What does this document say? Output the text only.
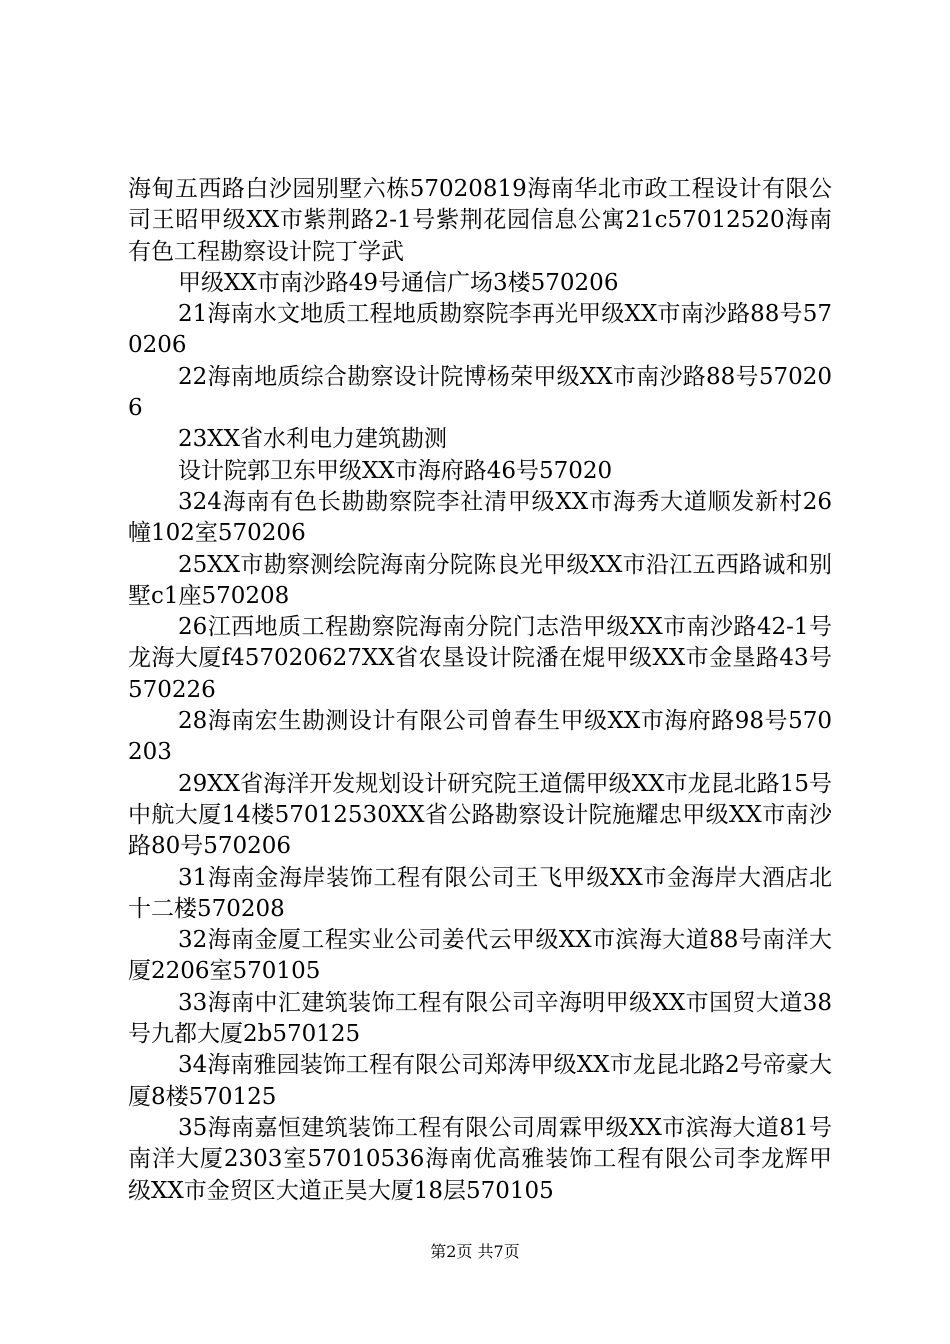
海甸五西路白沙园别墅六栋57020819海南华北市政工程设计有限公司王昭甲级XX市紫荆路2-1号紫荆花园信息公寓21c57012520海南有色工程勘察设计院丁学武

甲级XX市南沙路49号通信广场3楼570206

21海南水文地质工程地质勘察院李再光甲级XX市南沙路88号570206

22海南地质综合勘察设计院博杨荣甲级XX市南沙路88号570206

23XX省水利电力建筑勘测

设计院郭卫东甲级XX市海府路46号57020

324海南有色长勘勘察院李社清甲级XX市海秀大道顺发新村26幢102室570206

25XX市勘察测绘院海南分院陈良光甲级XX市沿江五西路诚和别墅c1座570208

26江西地质工程勘察院海南分院门志浩甲级XX市南沙路42-1号龙海大厦f457020627XX省农垦设计院潘在焜甲级XX市金垦路43号570226

28海南宏生勘测设计有限公司曾春生甲级XX市海府路98号570203

29XX省海洋开发规划设计研究院王道儒甲级XX市龙昆北路15号中航大厦14楼57012530XX省公路勘察设计院施耀忠甲级XX市南沙路80号570206

31海南金海岸装饰工程有限公司王飞甲级XX市金海岸大酒店北十二楼570208

32海南金厦工程实业公司姜代云甲级XX市滨海大道88号南洋大厦2206室570105

33海南中汇建筑装饰工程有限公司辛海明甲级XX市国贸大道38号九都大厦2b570125

34海南雅园装饰工程有限公司郑涛甲级XX市龙昆北路2号帝豪大厦8楼570125

35海南嘉恒建筑装饰工程有限公司周霖甲级XX市滨海大道81号南洋大厦2303室57010536海南优高雅装饰工程有限公司李龙辉甲级XX市金贸区大道正昊大厦18层570105

第2页 共7页
